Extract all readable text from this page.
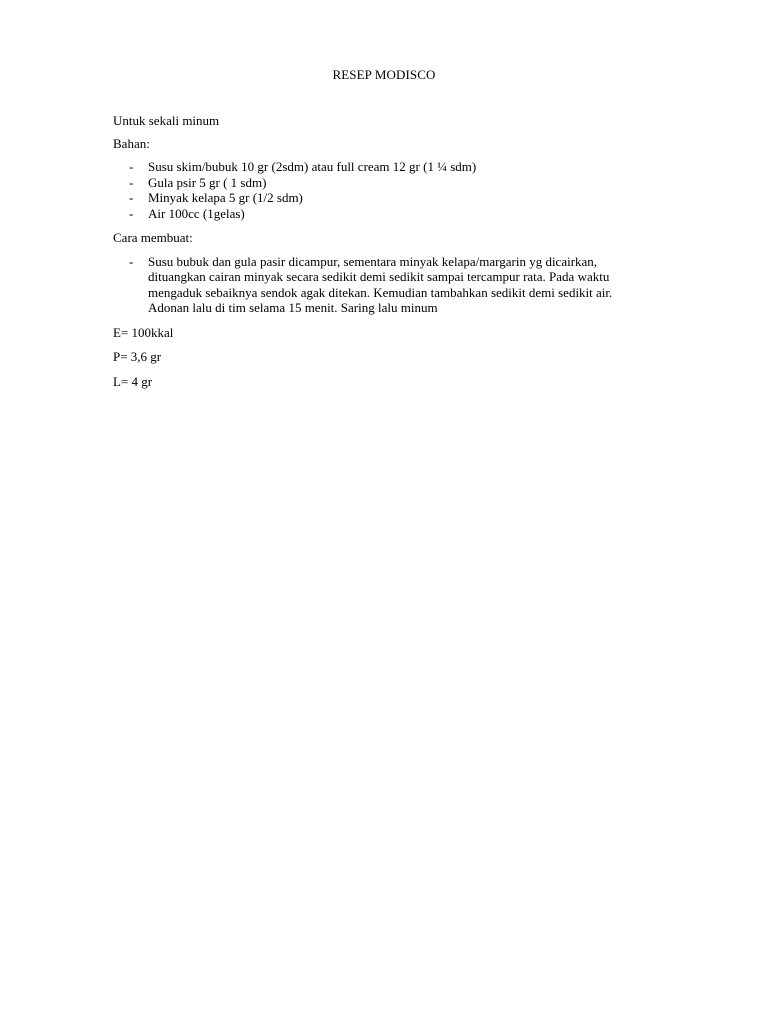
RESEP MODISCO

Untuk sekali minum

Bahan:

- Susu skim/bubuk 10 gr (2sdm) atau full cream 12 gr (1 ¼ sdm)
- Gula psir 5 gr ( 1 sdm)
- Minyak kelapa 5 gr (1/2 sdm)
- Air 100cc (1gelas)

Cara membuat:

- Susu bubuk dan gula pasir dicampur, sementara minyak kelapa/margarin yg dicairkan, dituangkan cairan minyak secara sedikit demi sedikit sampai tercampur rata. Pada waktu mengaduk sebaiknya sendok agak ditekan. Kemudian tambahkan sedikit demi sedikit air. Adonan lalu di tim selama 15 menit. Saring lalu minum

E= 100kkal

P= 3,6 gr

L= 4 gr
